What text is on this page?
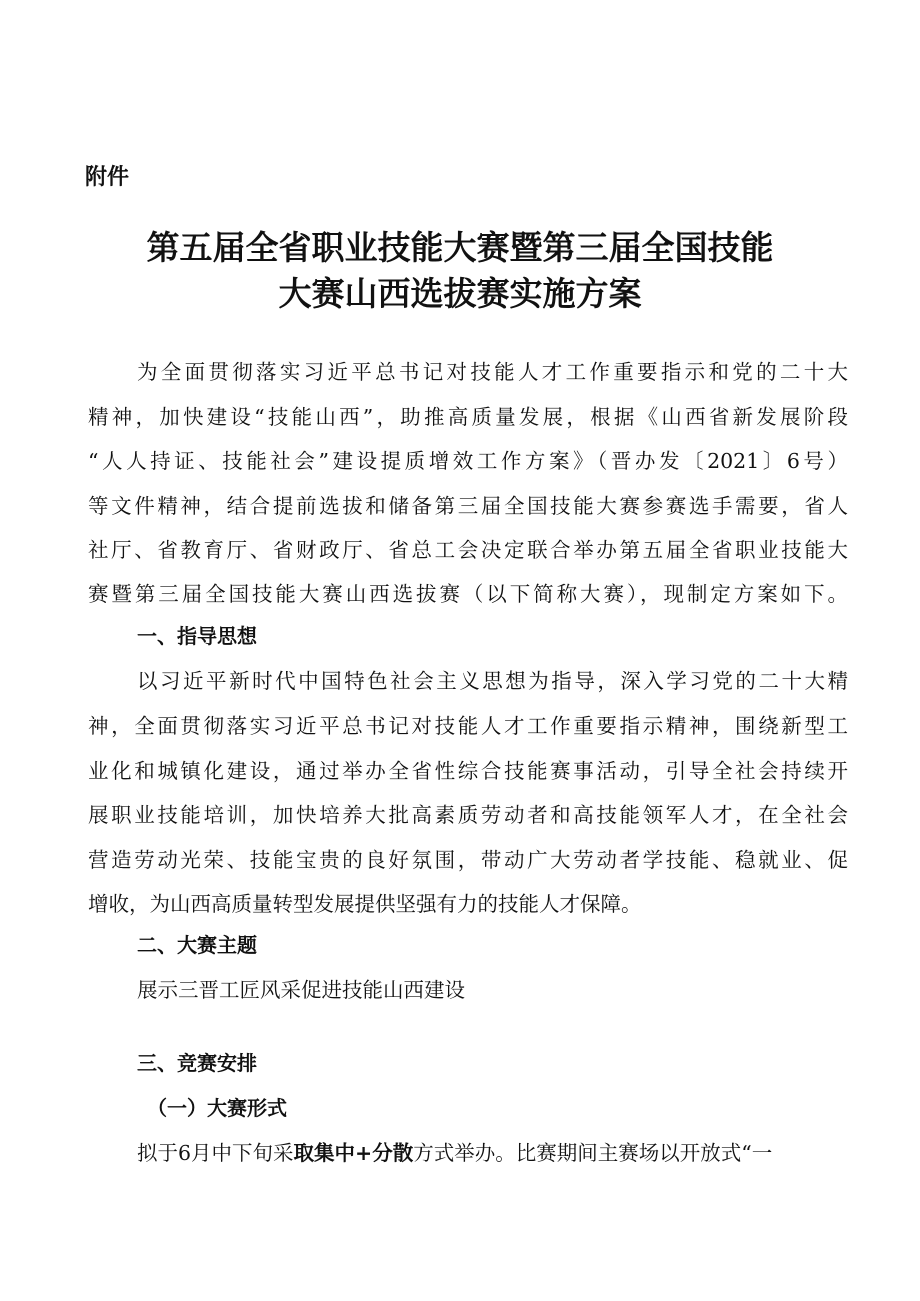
附件
第五届全省职业技能大赛暨第三届全国技能
大赛山西选拔赛实施方案
为全面贯彻落实习近平总书记对技能人才工作重要指示和党的二十大
精神，加快建设“技能山西”，助推高质量发展，根据《山西省新发展阶段
“人人持证、技能社会”建设提质增效工作方案》（晋办发〔2021〕6号）
等文件精神，结合提前选拔和储备第三届全国技能大赛参赛选手需要，省人
社厅、省教育厅、省财政厅、省总工会决定联合举办第五届全省职业技能大
赛暨第三届全国技能大赛山西选拔赛（以下简称大赛），现制定方案如下。
一、指导思想
以习近平新时代中国特色社会主义思想为指导，深入学习党的二十大精
神，全面贯彻落实习近平总书记对技能人才工作重要指示精神，围绕新型工
业化和城镇化建设，通过举办全省性综合技能赛事活动，引导全社会持续开
展职业技能培训，加快培养大批高素质劳动者和高技能领军人才，在全社会
营造劳动光荣、技能宝贵的良好氛围，带动广大劳动者学技能、稳就业、促
增收，为山西高质量转型发展提供坚强有力的技能人才保障。
二、大赛主题
展示三晋工匠风采促进技能山西建设
三、竞赛安排
（一）大赛形式
拟于6月中下旬采取集中+分散方式举办。比赛期间主赛场以开放式“一
